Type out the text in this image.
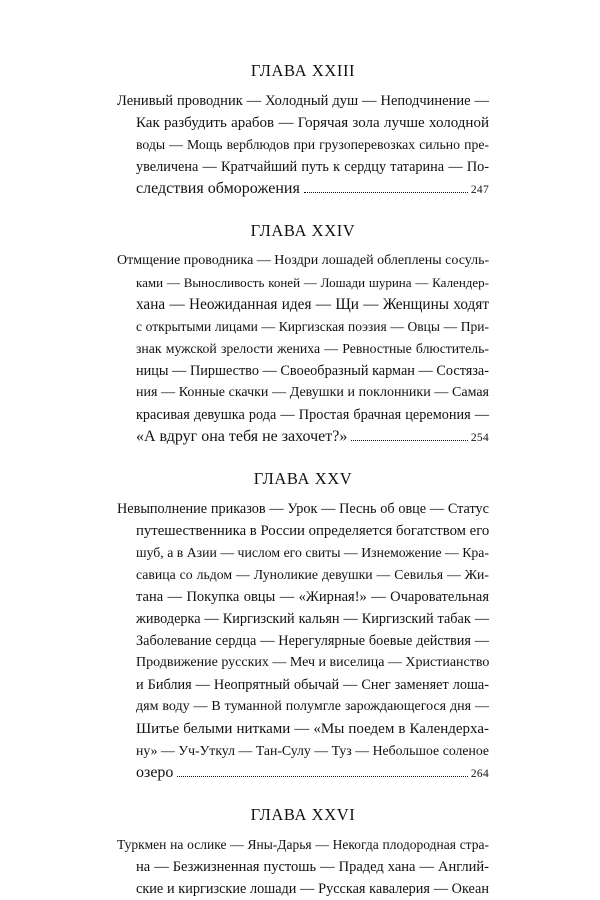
ГЛАВА XXIII
Ленивый проводник — Холодный душ — Неподчинение —
Как разбудить арабов — Горячая зола лучше холодной
воды — Мощь верблюдов при грузоперевозках сильно пре-
увеличена — Кратчайший путь к сердцу татарина — По-
следствия обморожения	247
ГЛАВА XXIV
Отмщение проводника — Ноздри лошадей облеплены сосуль-
ками — Выносливость коней — Лошади шурина — Календер-
хана — Неожиданная идея — Щи — Женщины ходят
с открытыми лицами — Киргизская поэзия — Овцы — При-
знак мужской зрелости жениха — Ревностные блюститель-
ницы — Пиршество — Своеобразный карман — Состяза-
ния — Конные скачки — Девушки и поклонники — Самая
красивая девушка рода — Простая брачная церемония —
«А вдруг она тебя не захочет?»	254
ГЛАВА XXV
Невыполнение приказов — Урок — Песнь об овце — Статус
путешественника в России определяется богатством его
шуб, а в Азии — числом его свиты — Изнеможение — Кра-
савица со льдом — Луноликие девушки — Севилья — Жи-
тана — Покупка овцы — «Жирная!» — Очаровательная
живодерка — Киргизский кальян — Киргизский табак —
Заболевание сердца — Нерегулярные боевые действия —
Продвижение русских — Меч и виселица — Христианство
и Библия — Неопрятный обычай — Снег заменяет лоша-
дям воду — В туманной полумгле зарождающегося дня —
Шитье белыми нитками — «Мы поедем в Календерха-
ну» — Уч-Уткул — Тан-Сулу — Туз — Небольшое соленое
озеро	264
ГЛАВА XXVI
Туркмен на ослике — Яны-Дарья — Некогда плодородная стра-
на — Безжизненная пустошь — Прадед хана — Англий-
ские и киргизские лошади — Русская кавалерия — Океан
